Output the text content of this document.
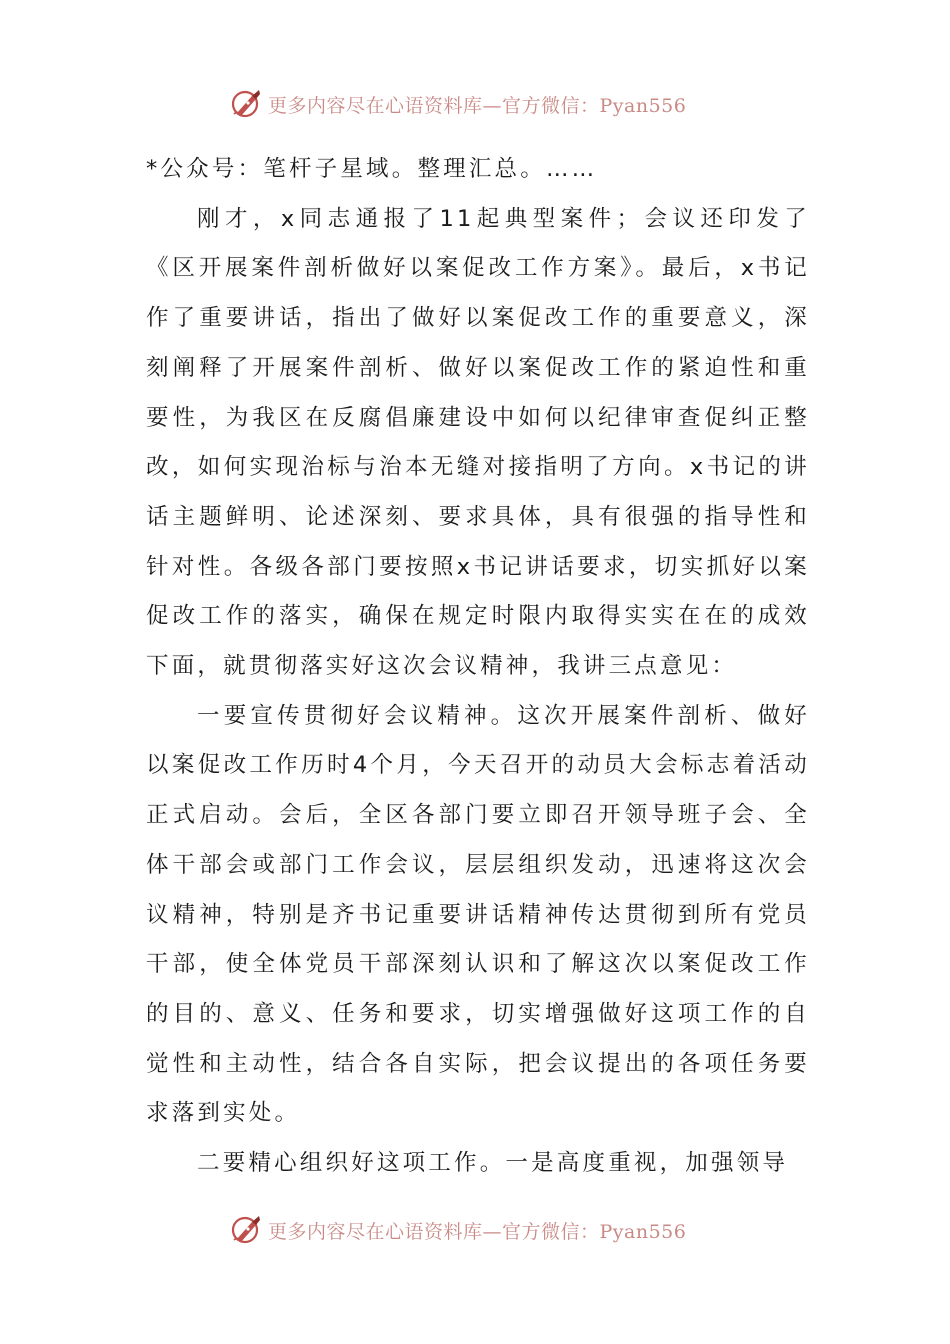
更多内容尽在心语资料库—官方微信：Pyan556

*公众号：笔杆子星域。整理汇总。……

刚才，x同志通报了11起典型案件；会议还印发了《区开展案件剖析做好以案促改工作方案》。最后，x书记作了重要讲话，指出了做好以案促改工作的重要意义，深刻阐释了开展案件剖析、做好以案促改工作的紧迫性和重要性，为我区在反腐倡廉建设中如何以纪律审查促纠正整改，如何实现治标与治本无缝对接指明了方向。x书记的讲话主题鲜明、论述深刻、要求具体，具有很强的指导性和针对性。各级各部门要按照x书记讲话要求，切实抓好以案促改工作的落实，确保在规定时限内取得实实在在的成效下面，就贯彻落实好这次会议精神，我讲三点意见：

一要宣传贯彻好会议精神。这次开展案件剖析、做好以案促改工作历时4个月，今天召开的动员大会标志着活动正式启动。会后，全区各部门要立即召开领导班子会、全体干部会或部门工作会议，层层组织发动，迅速将这次会议精神，特别是齐书记重要讲话精神传达贯彻到所有党员干部，使全体党员干部深刻认识和了解这次以案促改工作的目的、意义、任务和要求，切实增强做好这项工作的自觉性和主动性，结合各自实际，把会议提出的各项任务要求落到实处。

二要精心组织好这项工作。一是高度重视，加强领导

更多内容尽在心语资料库—官方微信：Pyan556
